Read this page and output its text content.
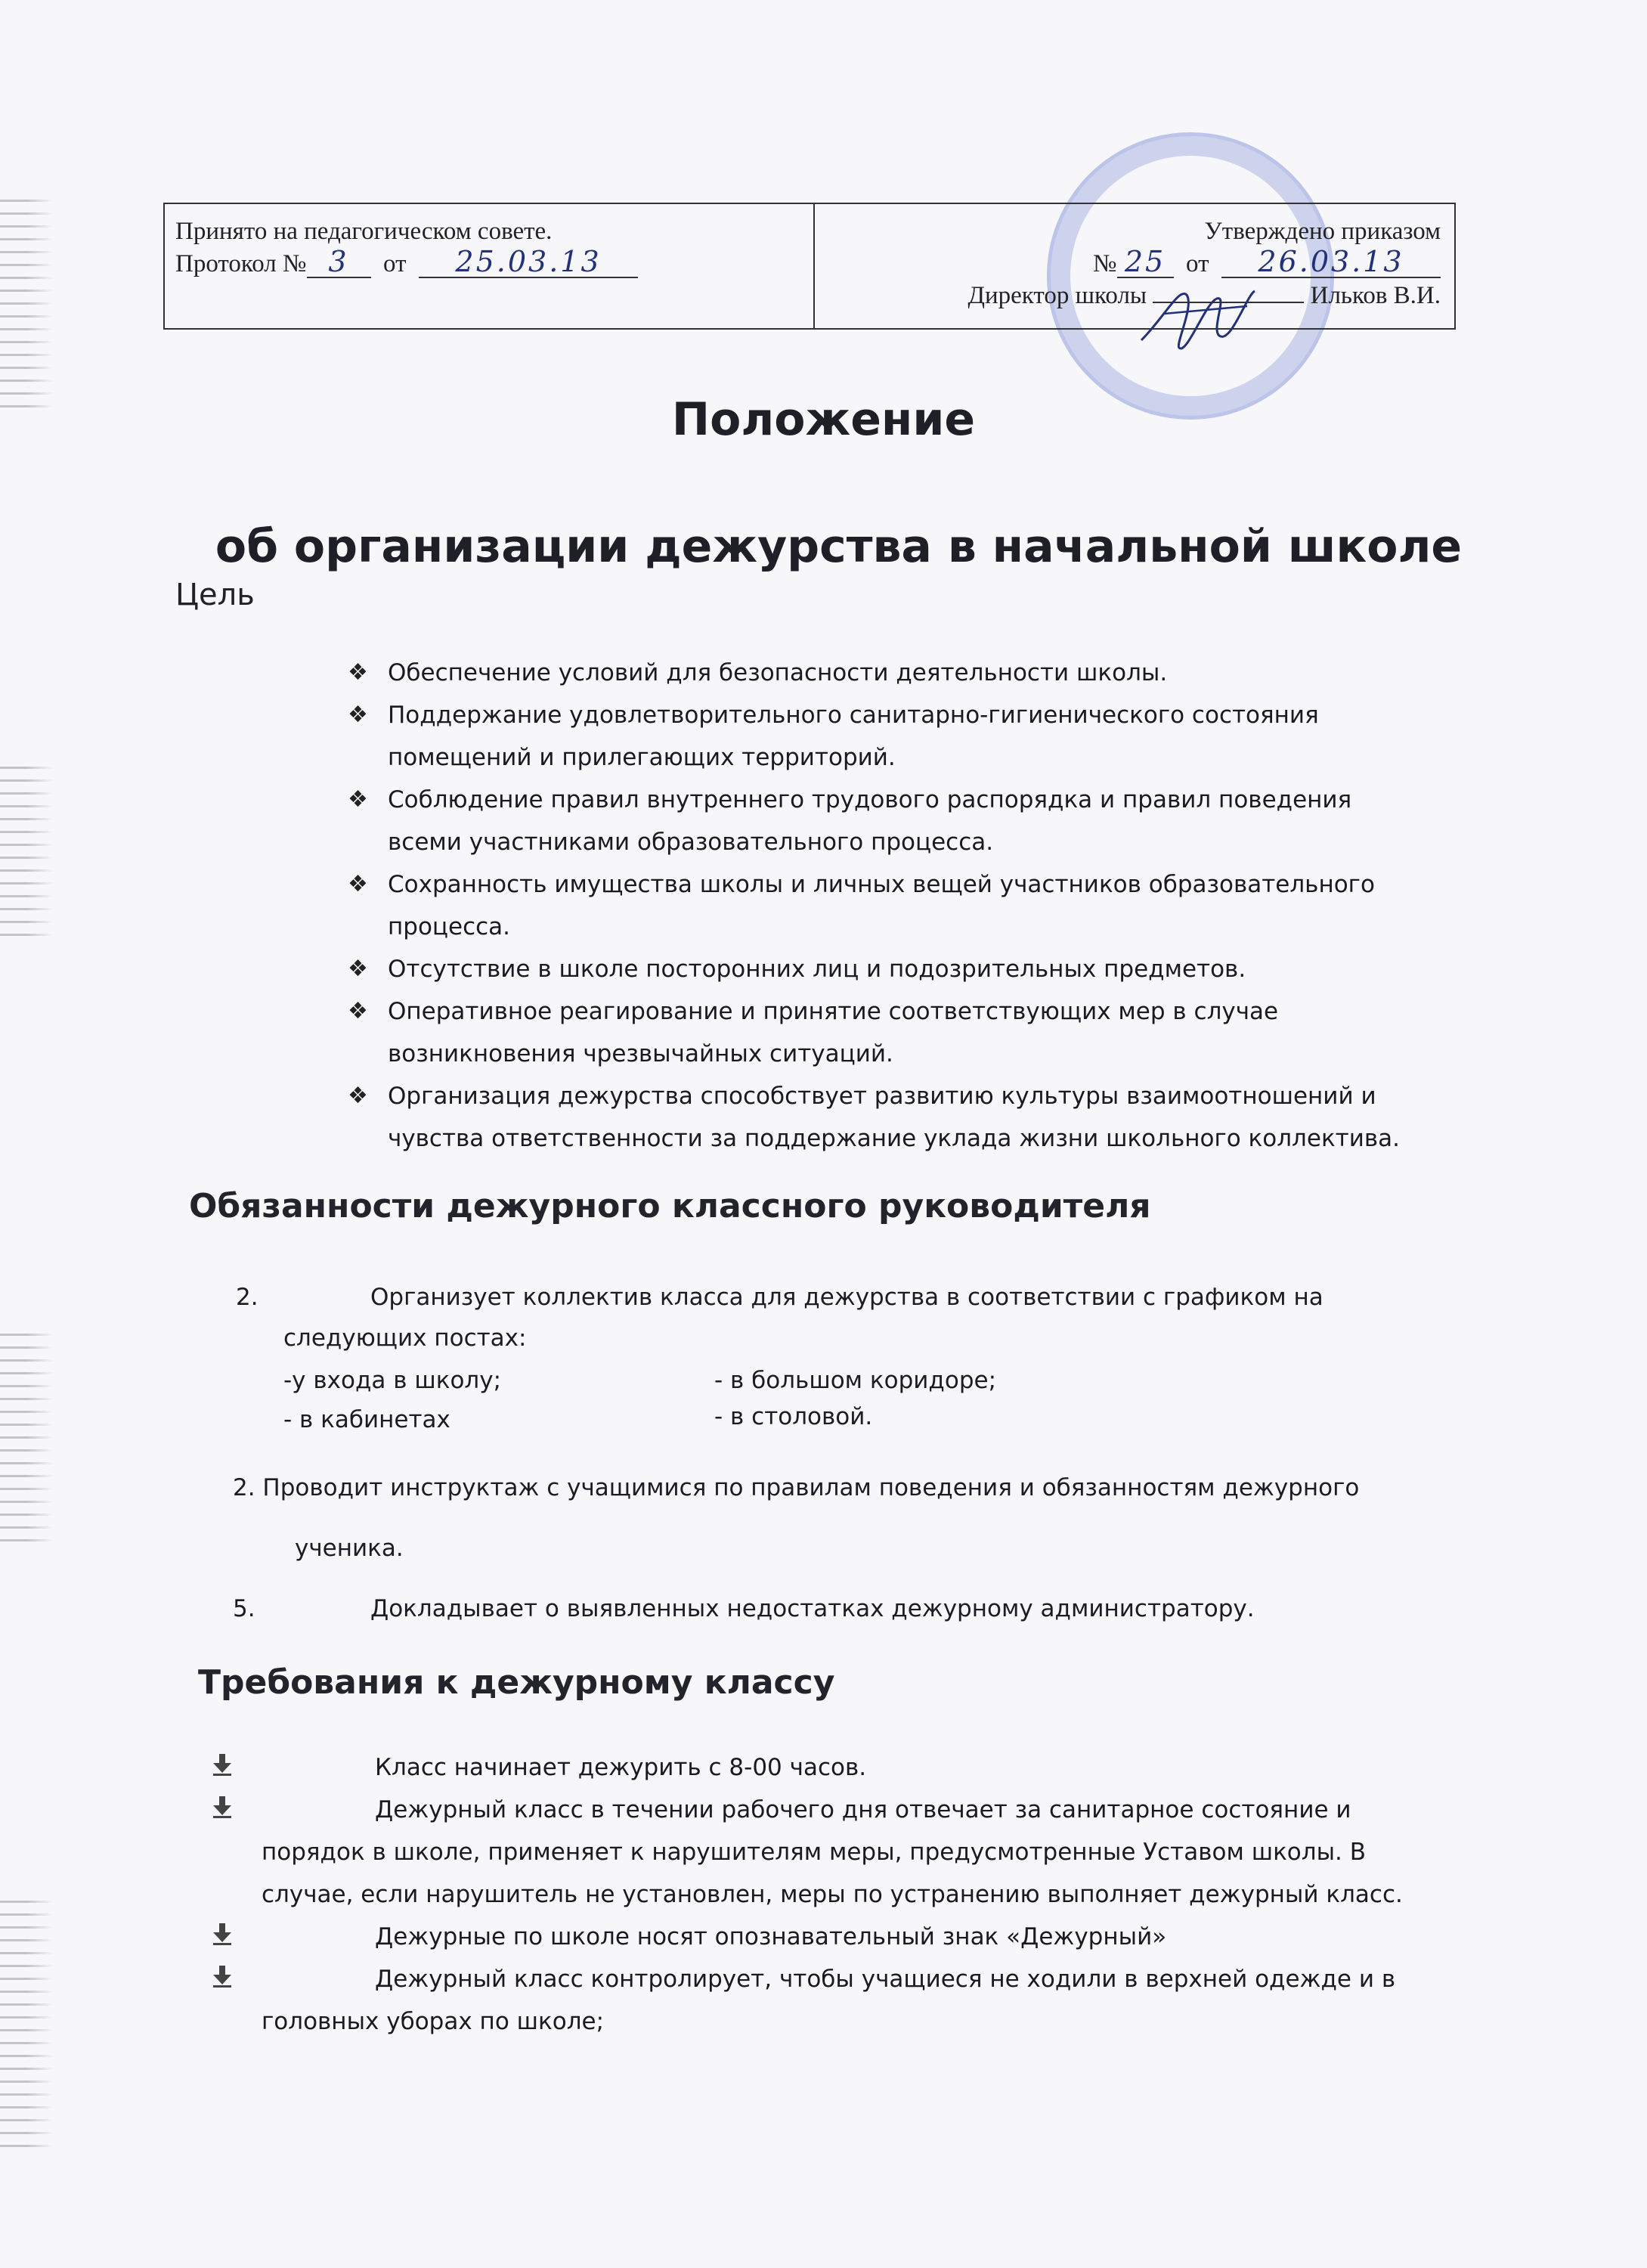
Принято на педагогическом совете.
Протокол № 3  от  25.03.13
Утверждено приказом
№ 25  от  26.03.13
Директор школы	Ильков В.И.
Положение
об организации дежурства в начальной школе
Цель
❖ Обеспечение условий для безопасности деятельности школы.
❖ Поддержание удовлетворительного санитарно-гигиенического состояния
помещений и прилегающих территорий.
❖ Соблюдение правил внутреннего трудового распорядка и правил поведения
всеми участниками образовательного процесса.
❖ Сохранность имущества школы и личных вещей участников образовательного
процесса.
❖ Отсутствие в школе посторонних лиц и подозрительных предметов.
❖ Оперативное реагирование и принятие соответствующих мер в случае
возникновения чрезвычайных ситуаций.
❖ Организация дежурства способствует развитию культуры взаимоотношений и
чувства ответственности за поддержание уклада жизни школьного коллектива.
Обязанности дежурного классного руководителя
2.	Организует коллектив класса для дежурства в соответствии с графиком на
следующих постах:
-у входа в школу;	- в большом коридоре;
- в кабинетах	- в столовой.
2. Проводит инструктаж с учащимися по правилам поведения и обязанностям дежурного
ученика.
5.	Докладывает о выявленных недостатках дежурному администратору.
Требования к дежурному классу
Класс начинает дежурить с 8-00 часов.
Дежурный класс в течении рабочего дня отвечает за санитарное состояние и
порядок в школе, применяет к нарушителям меры, предусмотренные Уставом школы. В
случае, если нарушитель не установлен, меры по устранению выполняет дежурный класс.
Дежурные по школе носят опознавательный знак «Дежурный»
Дежурный класс контролирует, чтобы учащиеся не ходили в верхней одежде и в
головных уборах по школе;
